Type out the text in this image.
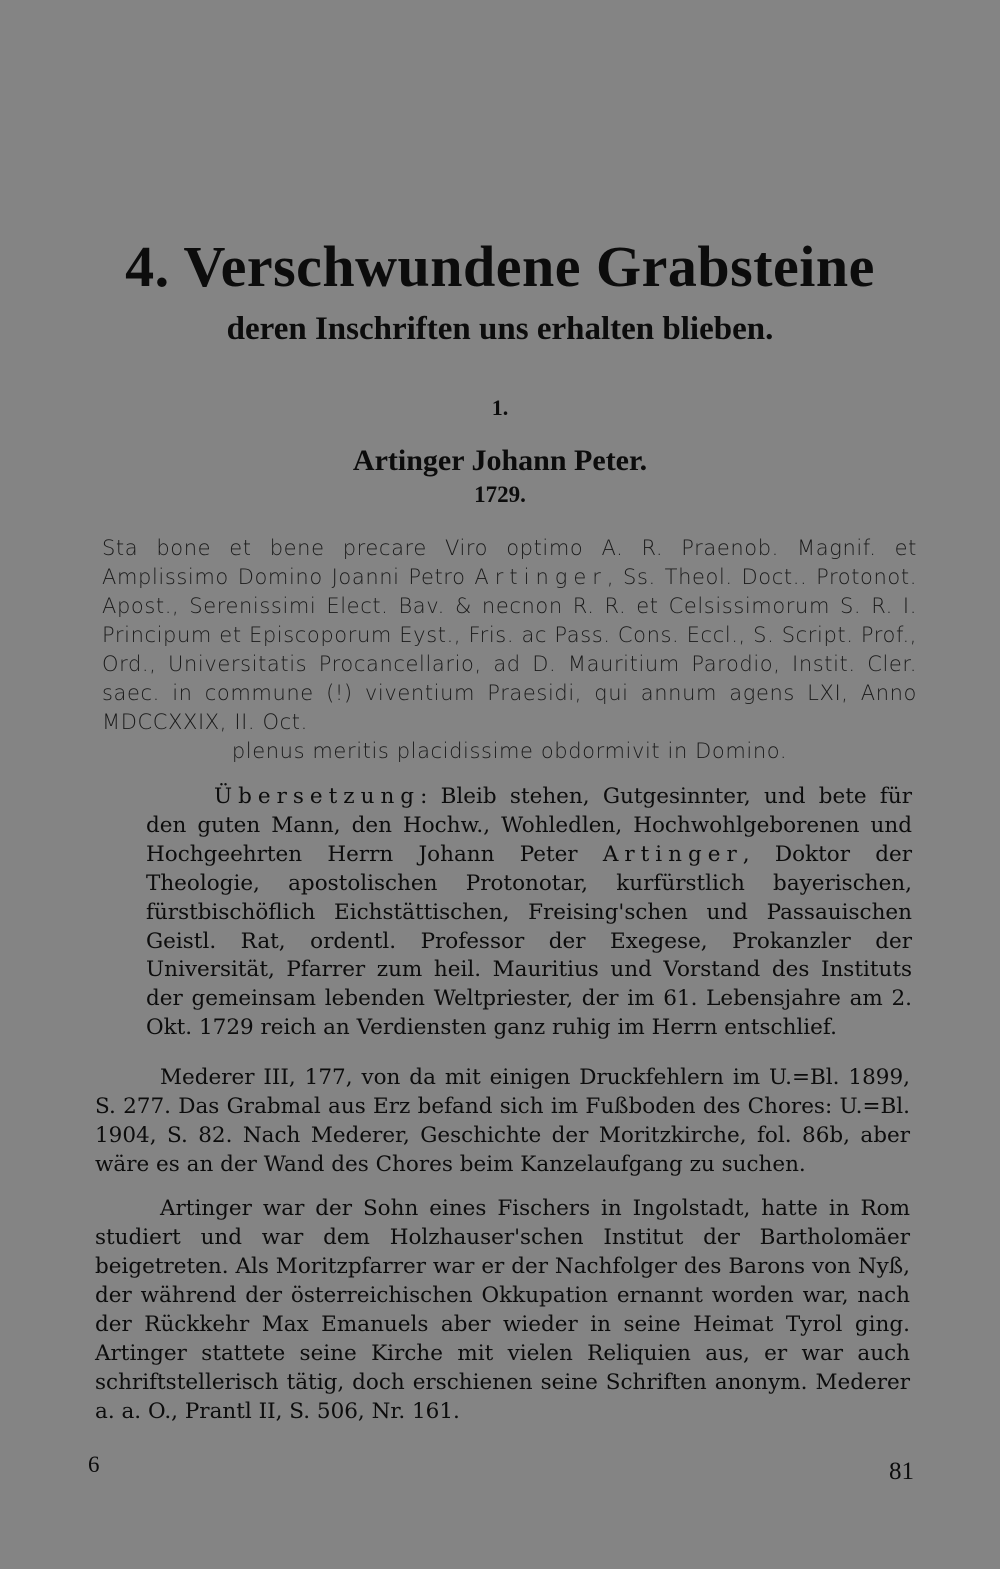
4. Verschwundene Grabsteine
deren Inschriften uns erhalten blieben.
1.
Artinger Johann Peter.
1729.
Sta bone et bene precare Viro optimo A. R. Praenob. Magnif. et Amplissimo Domino Joanni Petro Artinger, Ss. Theol. Doct.. Protonot. Apost., Serenissimi Elect. Bav. & necnon R. R. et Celsissimorum S. R. I. Principum et Episcoporum Eyst., Fris. ac Pass. Cons. Eccl., S. Script. Prof., Ord., Universitatis Procancellario, ad D. Mauritium Parodio, Instit. Cler. saec. in commune (!) viventium Praesidi, qui annum agens LXI, Anno MDCCXXIX, II. Oct.
plenus meritis placidissime obdormivit in Domino.
Übersetzung: Bleib stehen, Gutgesinnter, und bete für den guten Mann, den Hochw., Wohledlen, Hochwohlgeborenen und Hochgeehrten Herrn Johann Peter Artinger, Doktor der Theologie, apostolischen Protonotar, kurfürstlich bayerischen, fürstbischöflich Eichstättischen, Freising'schen und Passauischen Geistl. Rat, ordentl. Professor der Exegese, Prokanzler der Universität, Pfarrer zum heil. Mauritius und Vorstand des Instituts der gemeinsam lebenden Weltpriester, der im 61. Lebensjahre am 2. Okt. 1729 reich an Verdiensten ganz ruhig im Herrn entschlief.
Mederer III, 177, von da mit einigen Druckfehlern im U.=Bl. 1899, S. 277. Das Grabmal aus Erz befand sich im Fußboden des Chores: U.=Bl. 1904, S. 82. Nach Mederer, Geschichte der Moritzkirche, fol. 86b, aber wäre es an der Wand des Chores beim Kanzelaufgang zu suchen.
Artinger war der Sohn eines Fischers in Ingolstadt, hatte in Rom studiert und war dem Holzhauser'schen Institut der Bartholomäer beigetreten. Als Moritzpfarrer war er der Nachfolger des Barons von Nyß, der während der österreichischen Okkupation ernannt worden war, nach der Rückkehr Max Emanuels aber wieder in seine Heimat Tyrol ging. Artinger stattete seine Kirche mit vielen Reliquien aus, er war auch schriftstellerisch tätig, doch erschienen seine Schriften anonym. Mederer a. a. O., Prantl II, S. 506, Nr. 161.
6	81
